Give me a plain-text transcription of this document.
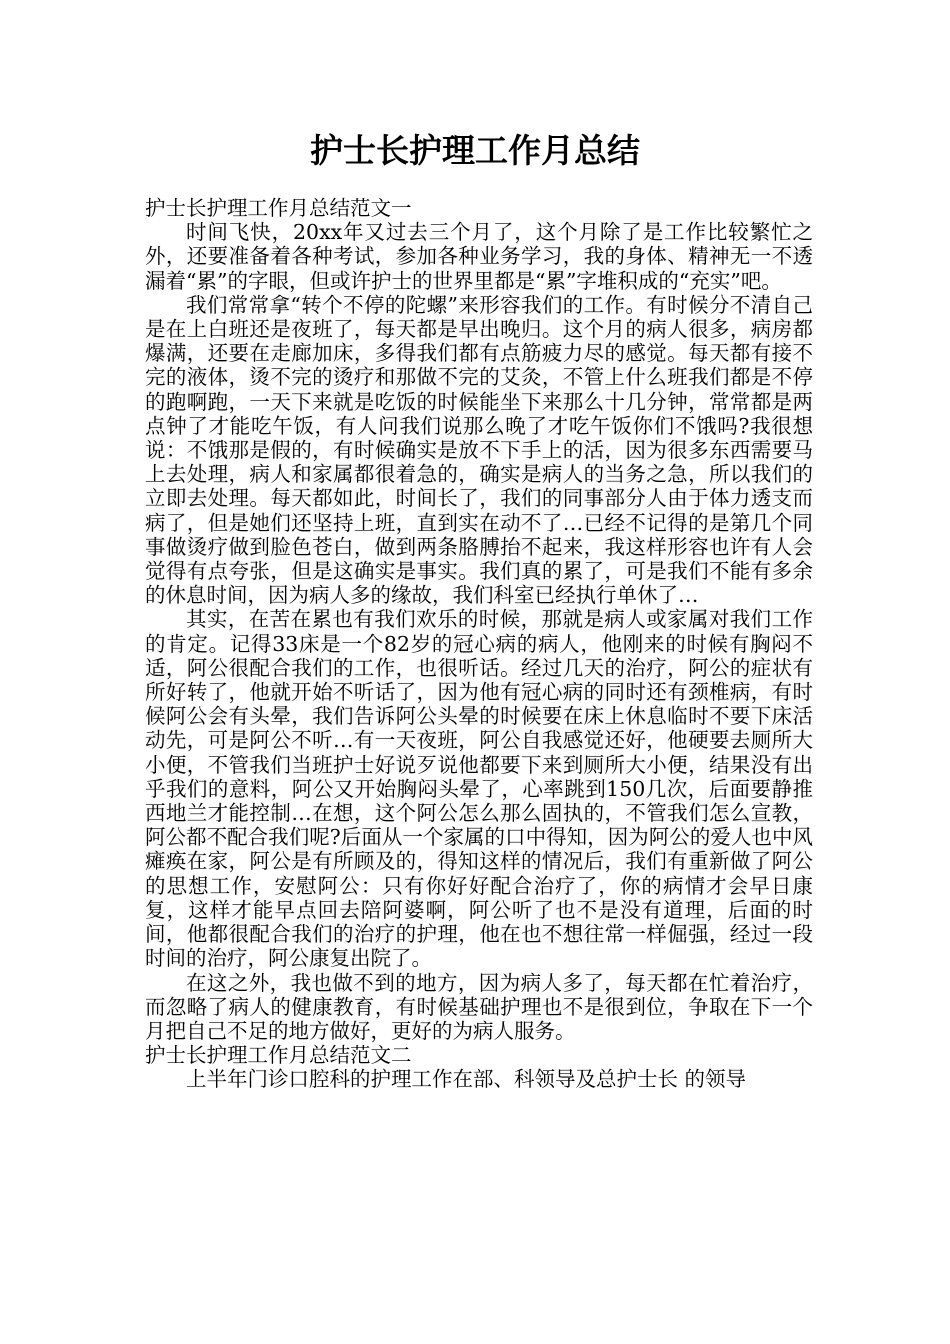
护士长护理工作月总结

护士长护理工作月总结范文一

时间飞快，20xx年又过去三个月了，这个月除了是工作比较繁忙之外，还要准备着各种考试，参加各种业务学习，我的身体、精神无一不透漏着“累”的字眼，但或许护士的世界里都是“累”字堆积成的“充实”吧。

我们常常拿“转个不停的陀螺”来形容我们的工作。有时候分不清自己是在上白班还是夜班了，每天都是早出晚归。这个月的病人很多，病房都爆满，还要在走廊加床，多得我们都有点筋疲力尽的感觉。每天都有接不完的液体，烫不完的烫疗和那做不完的艾灸，不管上什么班我们都是不停的跑啊跑，一天下来就是吃饭的时候能坐下来那么十几分钟，常常都是两点钟了才能吃午饭，有人问我们说那么晚了才吃午饭你们不饿吗?我很想说：不饿那是假的，有时候确实是放不下手上的活，因为很多东西需要马上去处理，病人和家属都很着急的，确实是病人的当务之急，所以我们的立即去处理。每天都如此，时间长了，我们的同事部分人由于体力透支而病了，但是她们还坚持上班，直到实在动不了…已经不记得的是第几个同事做烫疗做到脸色苍白，做到两条胳膊抬不起来，我这样形容也许有人会觉得有点夸张，但是这确实是事实。我们真的累了，可是我们不能有多余的休息时间，因为病人多的缘故，我们科室已经执行单休了…

其实，在苦在累也有我们欢乐的时候，那就是病人或家属对我们工作的肯定。记得33床是一个82岁的冠心病的病人，他刚来的时候有胸闷不适，阿公很配合我们的工作，也很听话。经过几天的治疗，阿公的症状有所好转了，他就开始不听话了，因为他有冠心病的同时还有颈椎病，有时候阿公会有头晕，我们告诉阿公头晕的时候要在床上休息临时不要下床活动先，可是阿公不听…有一天夜班，阿公自我感觉还好，他硬要去厕所大小便，不管我们当班护士好说歹说他都要下来到厕所大小便，结果没有出乎我们的意料，阿公又开始胸闷头晕了，心率跳到150几次，后面要静推西地兰才能控制…在想，这个阿公怎么那么固执的，不管我们怎么宣教，阿公都不配合我们呢?后面从一个家属的口中得知，因为阿公的爱人也中风瘫痪在家，阿公是有所顾及的，得知这样的情况后，我们有重新做了阿公的思想工作，安慰阿公：只有你好好配合治疗了，你的病情才会早日康复，这样才能早点回去陪阿婆啊，阿公听了也不是没有道理，后面的时间，他都很配合我们的治疗的护理，他在也不想往常一样倔强，经过一段时间的治疗，阿公康复出院了。

在这之外，我也做不到的地方，因为病人多了，每天都在忙着治疗，而忽略了病人的健康教育，有时候基础护理也不是很到位，争取在下一个月把自己不足的地方做好，更好的为病人服务。

护士长护理工作月总结范文二

上半年门诊口腔科的护理工作在部、科领导及总护士长 的领导
